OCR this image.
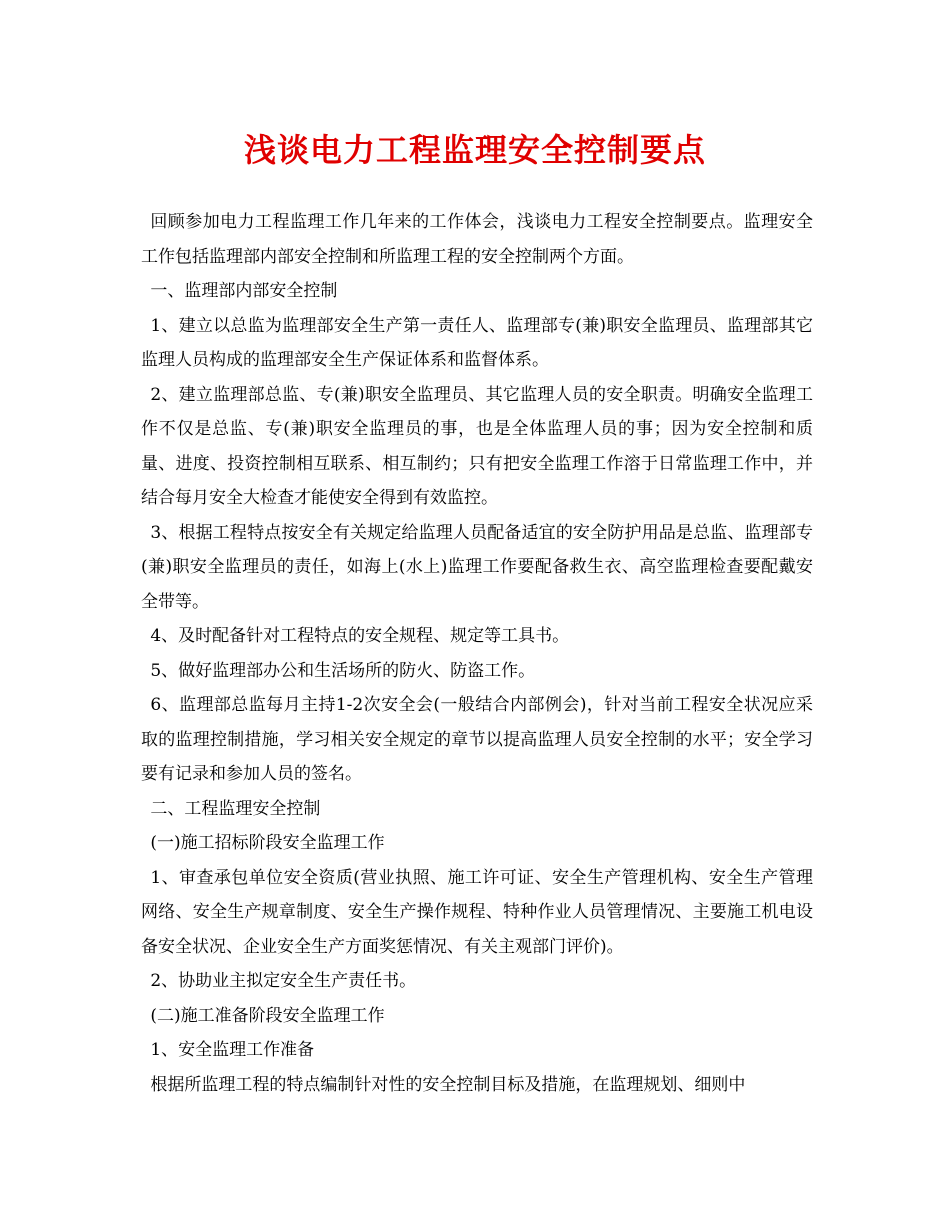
浅谈电力工程监理安全控制要点

回顾参加电力工程监理工作几年来的工作体会，浅谈电力工程安全控制要点。监理安全工作包括监理部内部安全控制和所监理工程的安全控制两个方面。

一、监理部内部安全控制

1、建立以总监为监理部安全生产第一责任人、监理部专(兼)职安全监理员、监理部其它监理人员构成的监理部安全生产保证体系和监督体系。

2、建立监理部总监、专(兼)职安全监理员、其它监理人员的安全职责。明确安全监理工作不仅是总监、专(兼)职安全监理员的事，也是全体监理人员的事；因为安全控制和质量、进度、投资控制相互联系、相互制约；只有把安全监理工作溶于日常监理工作中，并结合每月安全大检查才能使安全得到有效监控。

3、根据工程特点按安全有关规定给监理人员配备适宜的安全防护用品是总监、监理部专(兼)职安全监理员的责任，如海上(水上)监理工作要配备救生衣、高空监理检查要配戴安全带等。

4、及时配备针对工程特点的安全规程、规定等工具书。

5、做好监理部办公和生活场所的防火、防盗工作。

6、监理部总监每月主持1-2次安全会(一般结合内部例会)，针对当前工程安全状况应采取的监理控制措施，学习相关安全规定的章节以提高监理人员安全控制的水平；安全学习要有记录和参加人员的签名。

二、工程监理安全控制

(一)施工招标阶段安全监理工作

1、审查承包单位安全资质(营业执照、施工许可证、安全生产管理机构、安全生产管理网络、安全生产规章制度、安全生产操作规程、特种作业人员管理情况、主要施工机电设备安全状况、企业安全生产方面奖惩情况、有关主观部门评价)。

2、协助业主拟定安全生产责任书。

(二)施工准备阶段安全监理工作

1、安全监理工作准备

根据所监理工程的特点编制针对性的安全控制目标及措施，在监理规划、细则中
